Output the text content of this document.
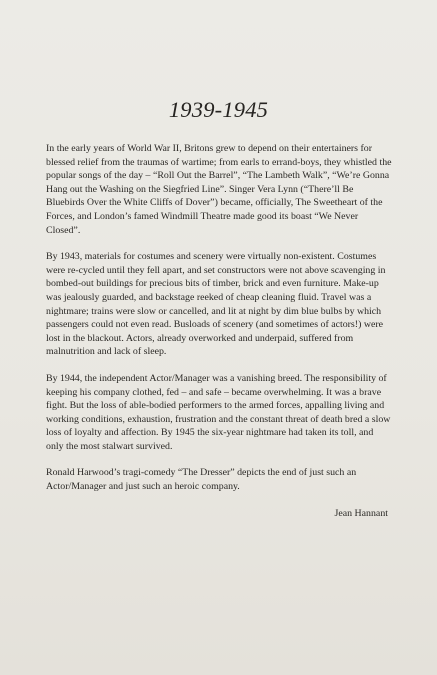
1939-1945

In the early years of World War II, Britons grew to depend on their entertainers for blessed relief from the traumas of wartime; from earls to errand-boys, they whistled the popular songs of the day – “Roll Out the Barrel”, “The Lambeth Walk”, “We’re Gonna Hang out the Washing on the Siegfried Line”. Singer Vera Lynn (“There’ll Be Bluebirds Over the White Cliffs of Dover”) became, officially, The Sweetheart of the Forces, and London’s famed Windmill Theatre made good its boast “We Never Closed”.

By 1943, materials for costumes and scenery were virtually non-existent. Costumes were re-cycled until they fell apart, and set constructors were not above scavenging in bombed-out buildings for precious bits of timber, brick and even furniture. Make-up was jealously guarded, and backstage reeked of cheap cleaning fluid. Travel was a nightmare; trains were slow or cancelled, and lit at night by dim blue bulbs by which passengers could not even read. Busloads of scenery (and sometimes of actors!) were lost in the blackout. Actors, already overworked and underpaid, suffered from malnutrition and lack of sleep.

By 1944, the independent Actor/Manager was a vanishing breed. The responsibility of keeping his company clothed, fed – and safe – became overwhelming. It was a brave fight. But the loss of able-bodied performers to the armed forces, appalling living and working conditions, exhaustion, frustration and the constant threat of death bred a slow loss of loyalty and affection. By 1945 the six-year nightmare had taken its toll, and only the most stalwart survived.

Ronald Harwood’s tragi-comedy “The Dresser” depicts the end of just such an Actor/Manager and just such an heroic company.

Jean Hannant
